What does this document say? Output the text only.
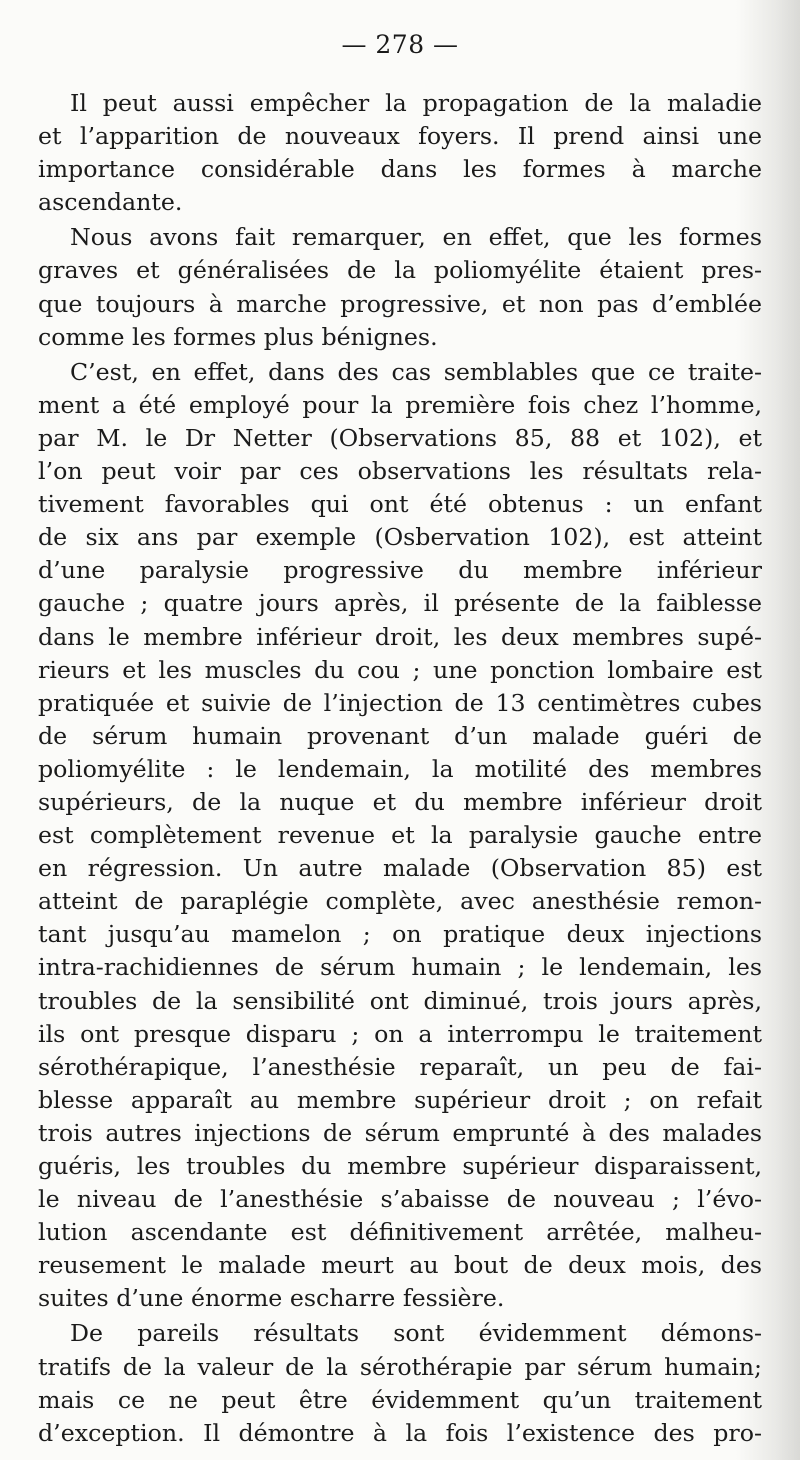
— 278 —
Il peut aussi empêcher la propagation de la maladie
et l’apparition de nouveaux foyers. Il prend ainsi une
importance considérable dans les formes à marche
ascendante.
Nous avons fait remarquer, en effet, que les formes
graves et généralisées de la poliomyélite étaient pres-
que toujours à marche progressive, et non pas d’emblée
comme les formes plus bénignes.
C’est, en effet, dans des cas semblables que ce traite-
ment a été employé pour la première fois chez l’homme,
par M. le Dr Netter (Observations 85, 88 et 102), et
l’on peut voir par ces observations les résultats rela-
tivement favorables qui ont été obtenus : un enfant
de six ans par exemple (Osbervation 102), est atteint
d’une paralysie progressive du membre inférieur
gauche ; quatre jours après, il présente de la faiblesse
dans le membre inférieur droit, les deux membres supé-
rieurs et les muscles du cou ; une ponction lombaire est
pratiquée et suivie de l’injection de 13 centimètres cubes
de sérum humain provenant d’un malade guéri de
poliomyélite : le lendemain, la motilité des membres
supérieurs, de la nuque et du membre inférieur droit
est complètement revenue et la paralysie gauche entre
en régression. Un autre malade (Observation 85) est
atteint de paraplégie complète, avec anesthésie remon-
tant jusqu’au mamelon ; on pratique deux injections
intra-rachidiennes de sérum humain ; le lendemain, les
troubles de la sensibilité ont diminué, trois jours après,
ils ont presque disparu ; on a interrompu le traitement
sérothérapique, l’anesthésie reparaît, un peu de fai-
blesse apparaît au membre supérieur droit ; on refait
trois autres injections de sérum emprunté à des malades
guéris, les troubles du membre supérieur disparaissent,
le niveau de l’anesthésie s’abaisse de nouveau ; l’évo-
lution ascendante est définitivement arrêtée, malheu-
reusement le malade meurt au bout de deux mois, des
suites d’une énorme escharre fessière.
De pareils résultats sont évidemment démons-
tratifs de la valeur de la sérothérapie par sérum humain;
mais ce ne peut être évidemment qu’un traitement
d’exception. Il démontre à la fois l’existence des pro-
